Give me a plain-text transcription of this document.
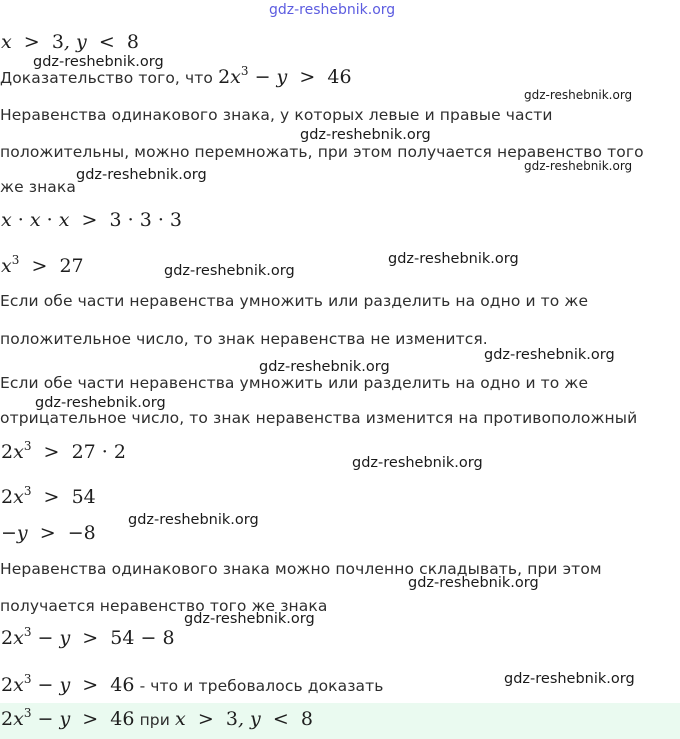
gdz-reshebnik.org
x  > 3, y  < 8
gdz-reshebnik.org
Доказательство того, что $2x^3 - y > 46$
gdz-reshebnik.org
Неравенства одинакового знака, у которых левые и правые части
gdz-reshebnik.org
положительны, можно перемножать, при этом получается неравенство того
gdz-reshebnik.org
же знака
gdz-reshebnik.org
x · x · x  > 3 · 3 · 3
$x^3 > 27$	gdz-reshebnik.org
gdz-reshebnik.org
Если обе части неравенства умножить или разделить на одно и то же
положительное число, то знак неравенства не изменится.
gdz-reshebnik.org
gdz-reshebnik.org
Если обе части неравенства умножить или разделить на одно и то же
gdz-reshebnik.org
отрицательное число, то знак неравенства изменится на противоположный
$2x^3 > 27 \cdot 2$	gdz-reshebnik.org
$2x^3 > 54$
−y  > −8
gdz-reshebnik.org
Неравенства одинакового знака можно почленно складывать, при этом
gdz-reshebnik.org
получается неравенство того же знака
gdz-reshebnik.org
$2x^3 - y > 54 - 8$
$2x^3 - y > 46$ - что и требовалось доказать	gdz-reshebnik.org
$2x^3 - y > 46$ при x  > 3, y  < 8
